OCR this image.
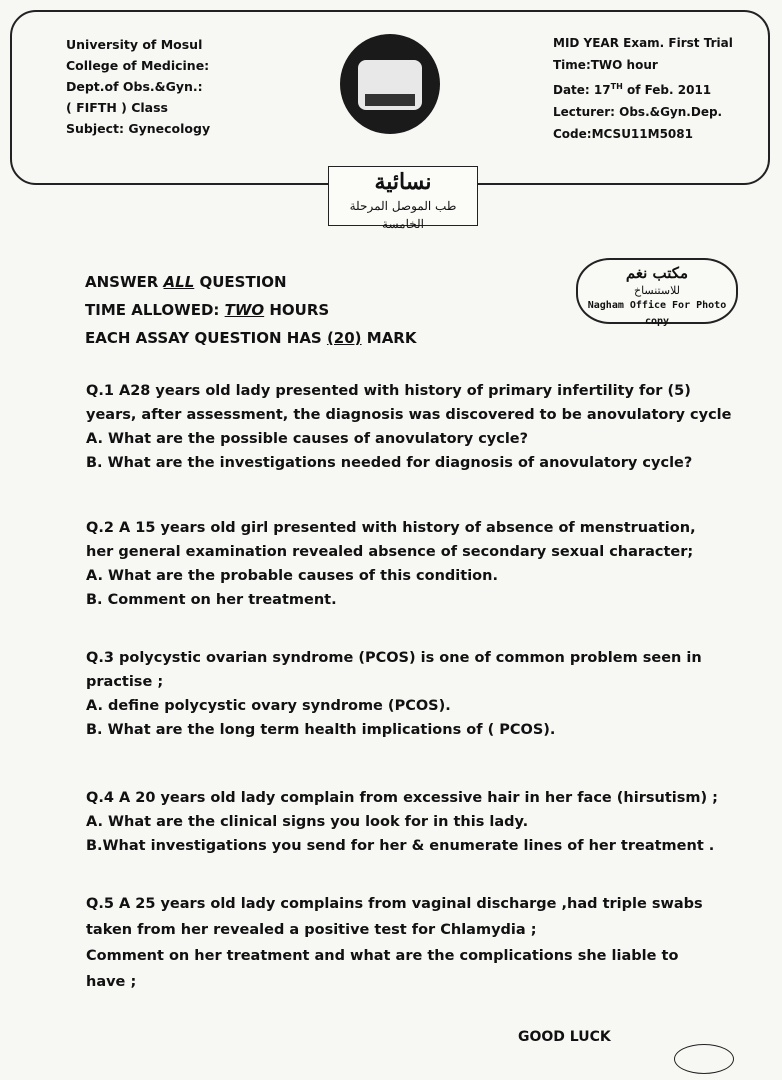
University of Mosul
College of Medicine:
Dept.of Obs.&Gyn.:
( FIFTH ) Class
Subject: Gynecology
MID YEAR Exam. First Trial
Time:TWO hour
Date: 17TH of Feb. 2011
Lecturer: Obs.&Gyn.Dep.
Code:MCSU11M5081
نسائية
طب الموصل المرحلة الخامسة
مكتب نغم
للاستنساخ
Nagham Office For Photo copy
ANSWER ALL QUESTION
TIME ALLOWED: TWO HOURS
EACH ASSAY QUESTION HAS (20) MARK

Q.1 A28 years old lady presented with history of primary infertility for (5)

years, after assessment, the diagnosis was discovered to be anovulatory cycle

A. What are the possible causes of anovulatory cycle?

B. What are the investigations needed for diagnosis of anovulatory cycle?

Q.2 A 15 years old girl presented with history of absence of menstruation,

her general examination revealed absence of secondary sexual character;

A. What are the probable causes of this condition.

B. Comment on her treatment.

Q.3 polycystic ovarian syndrome (PCOS) is one of common problem seen in

practise ;

A. define polycystic ovary syndrome (PCOS).

B. What are the long term health implications of ( PCOS).

Q.4 A 20 years old lady complain from excessive hair in her face (hirsutism) ;

A. What are the clinical signs you look for in this lady.

B.What investigations you send for her & enumerate lines of her treatment .

Q.5 A 25 years old lady complains from vaginal discharge ,had triple swabs

taken from her revealed a positive test for Chlamydia ;

Comment on her treatment and what are the complications she liable to

have ;

GOOD LUCK
